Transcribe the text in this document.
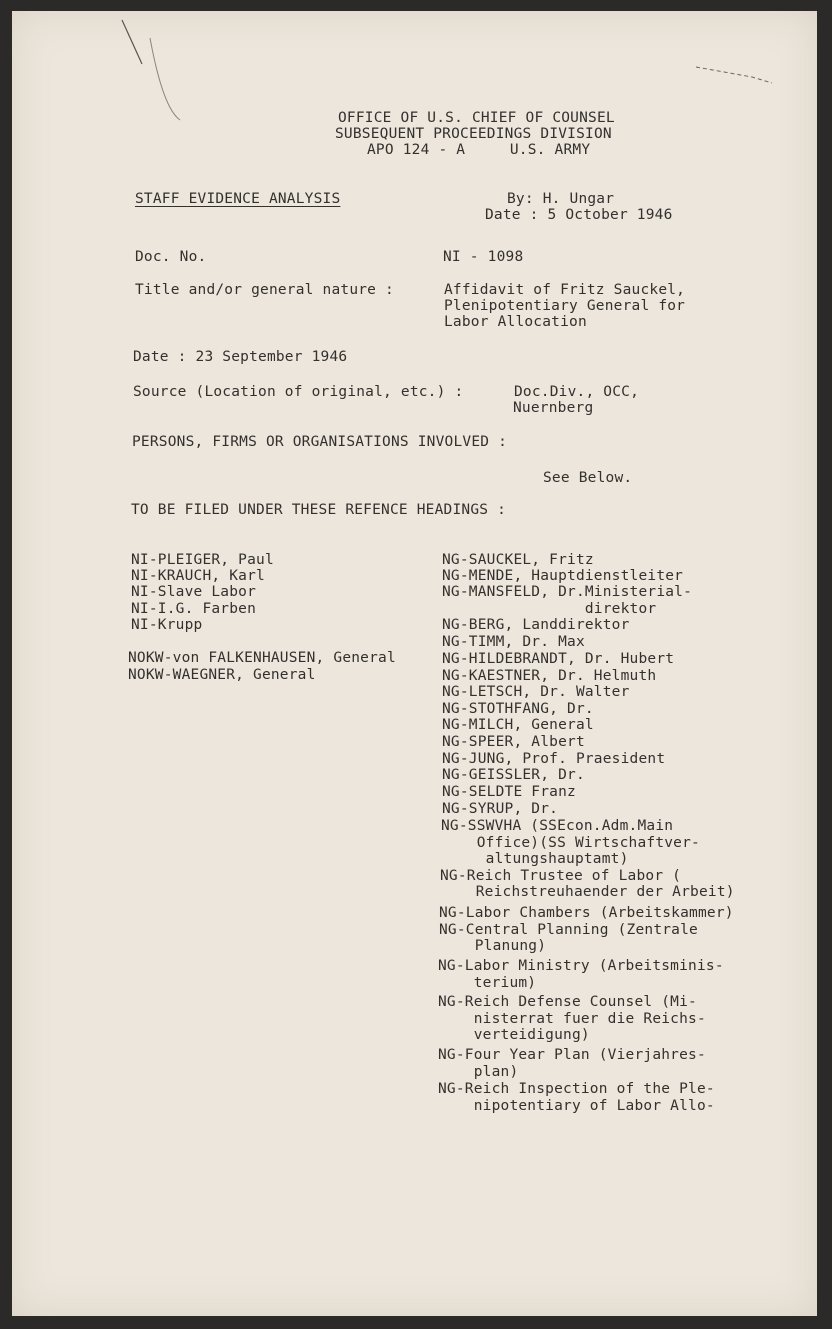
OFFICE OF U.S. CHIEF OF COUNSEL
SUBSEQUENT PROCEEDINGS DIVISION
APO 124 - A     U.S. ARMY
STAFF EVIDENCE ANALYSIS	By: H. Ungar
Date : 5 October 1946
Doc. No.	NI - 1098
Title and/or general nature :	Affidavit of Fritz Sauckel,
Plenipotentiary General for
Labor Allocation
Date : 23 September 1946
Source (Location of original, etc.) :	Doc.Div., OCC,
Nuernberg
PERSONS, FIRMS OR ORGANISATIONS INVOLVED :
See Below.
TO BE FILED UNDER THESE REFENCE HEADINGS :
NI-PLEIGER, Paul
NI-KRAUCH, Karl
NI-Slave Labor
NI-I.G. Farben
NI-Krupp
NOKW-von FALKENHAUSEN, General
NOKW-WAEGNER, General
NG-SAUCKEL, Fritz
NG-MENDE, Hauptdienstleiter
NG-MANSFELD, Dr.Ministerial-
direktor
NG-BERG, Landdirektor
NG-TIMM, Dr. Max
NG-HILDEBRANDT, Dr. Hubert
NG-KAESTNER, Dr. Helmuth
NG-LETSCH, Dr. Walter
NG-STOTHFANG, Dr.
NG-MILCH, General
NG-SPEER, Albert
NG-JUNG, Prof. Praesident
NG-GEISSLER, Dr.
NG-SELDTE Franz
NG-SYRUP, Dr.
NG-SSWVHA (SSEcon.Adm.Main
Office)(SS Wirtschaftver-
altungshauptamt)
NG-Reich Trustee of Labor (
Reichstreuhaender der Arbeit)
NG-Labor Chambers (Arbeitskammer)
NG-Central Planning (Zentrale
Planung)
NG-Labor Ministry (Arbeitsminis-
terium)
NG-Reich Defense Counsel (Mi-
nisterrat fuer die Reichs-
verteidigung)
NG-Four Year Plan (Vierjahres-
plan)
NG-Reich Inspection of the Ple-
nipotentiary of Labor Allo-
